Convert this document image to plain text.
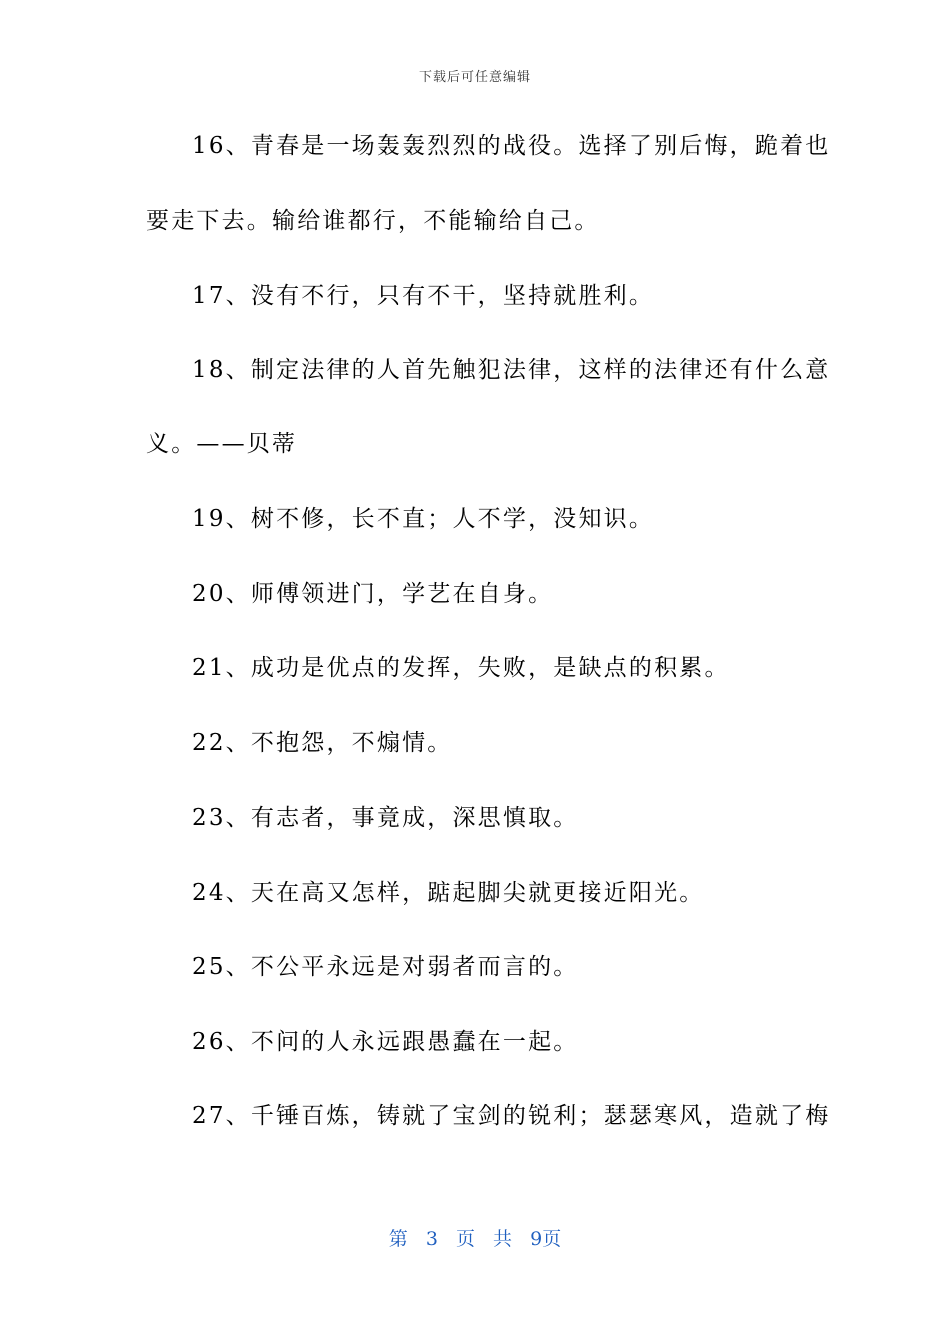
下载后可任意编辑
16、青春是一场轰轰烈烈的战役。选择了别后悔，跪着也
要走下去。输给谁都行，不能输给自己。
17、没有不行，只有不干，坚持就胜利。
18、制定法律的人首先触犯法律，这样的法律还有什么意
义。——贝蒂
19、树不修，长不直；人不学，没知识。
20、师傅领进门，学艺在自身。
21、成功是优点的发挥，失败，是缺点的积累。
22、不抱怨，不煽情。
23、有志者，事竟成，深思慎取。
24、天在高又怎样，踮起脚尖就更接近阳光。
25、不公平永远是对弱者而言的。
26、不问的人永远跟愚蠢在一起。
27、千锤百炼，铸就了宝剑的锐利；瑟瑟寒风，造就了梅
第 3 页 共 9页
